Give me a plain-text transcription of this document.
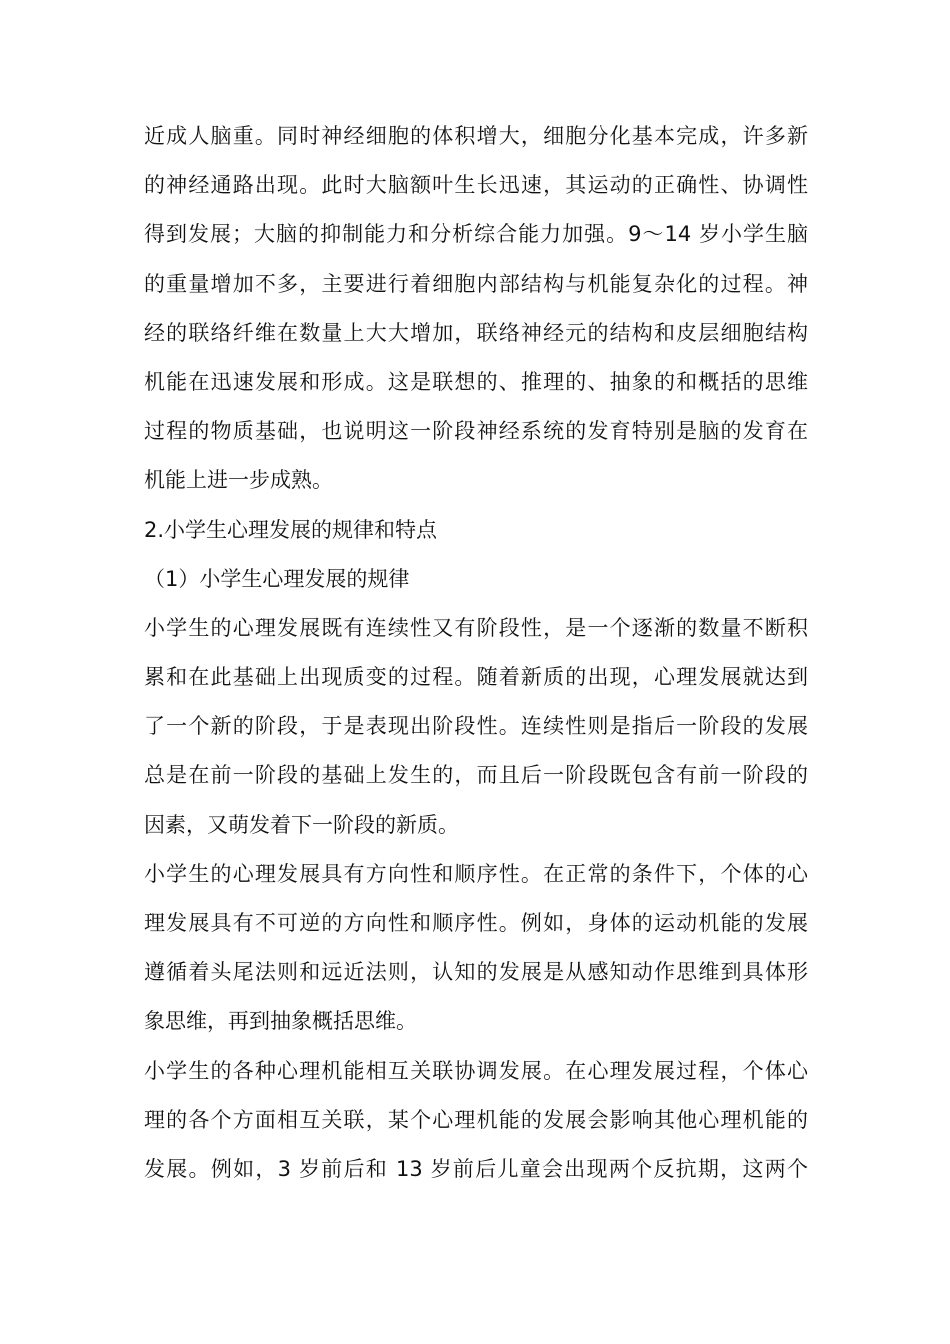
近成人脑重。同时神经细胞的体积增大，细胞分化基本完成，许多新
的神经通路出现。此时大脑额叶生长迅速，其运动的正确性、协调性
得到发展；大脑的抑制能力和分析综合能力加强。9～14 岁小学生脑
的重量增加不多，主要进行着细胞内部结构与机能复杂化的过程。神
经的联络纤维在数量上大大增加，联络神经元的结构和皮层细胞结构
机能在迅速发展和形成。这是联想的、推理的、抽象的和概括的思维
过程的物质基础，也说明这一阶段神经系统的发育特别是脑的发育在
机能上进一步成熟。
2.小学生心理发展的规律和特点
（1）小学生心理发展的规律
小学生的心理发展既有连续性又有阶段性，是一个逐渐的数量不断积
累和在此基础上出现质变的过程。随着新质的出现，心理发展就达到
了一个新的阶段，于是表现出阶段性。连续性则是指后一阶段的发展
总是在前一阶段的基础上发生的，而且后一阶段既包含有前一阶段的
因素，又萌发着下一阶段的新质。
小学生的心理发展具有方向性和顺序性。在正常的条件下，个体的心
理发展具有不可逆的方向性和顺序性。例如，身体的运动机能的发展
遵循着头尾法则和远近法则，认知的发展是从感知动作思维到具体形
象思维，再到抽象概括思维。
小学生的各种心理机能相互关联协调发展。在心理发展过程，个体心
理的各个方面相互关联，某个心理机能的发展会影响其他心理机能的
发展。例如，3 岁前后和 13 岁前后儿童会出现两个反抗期，这两个
